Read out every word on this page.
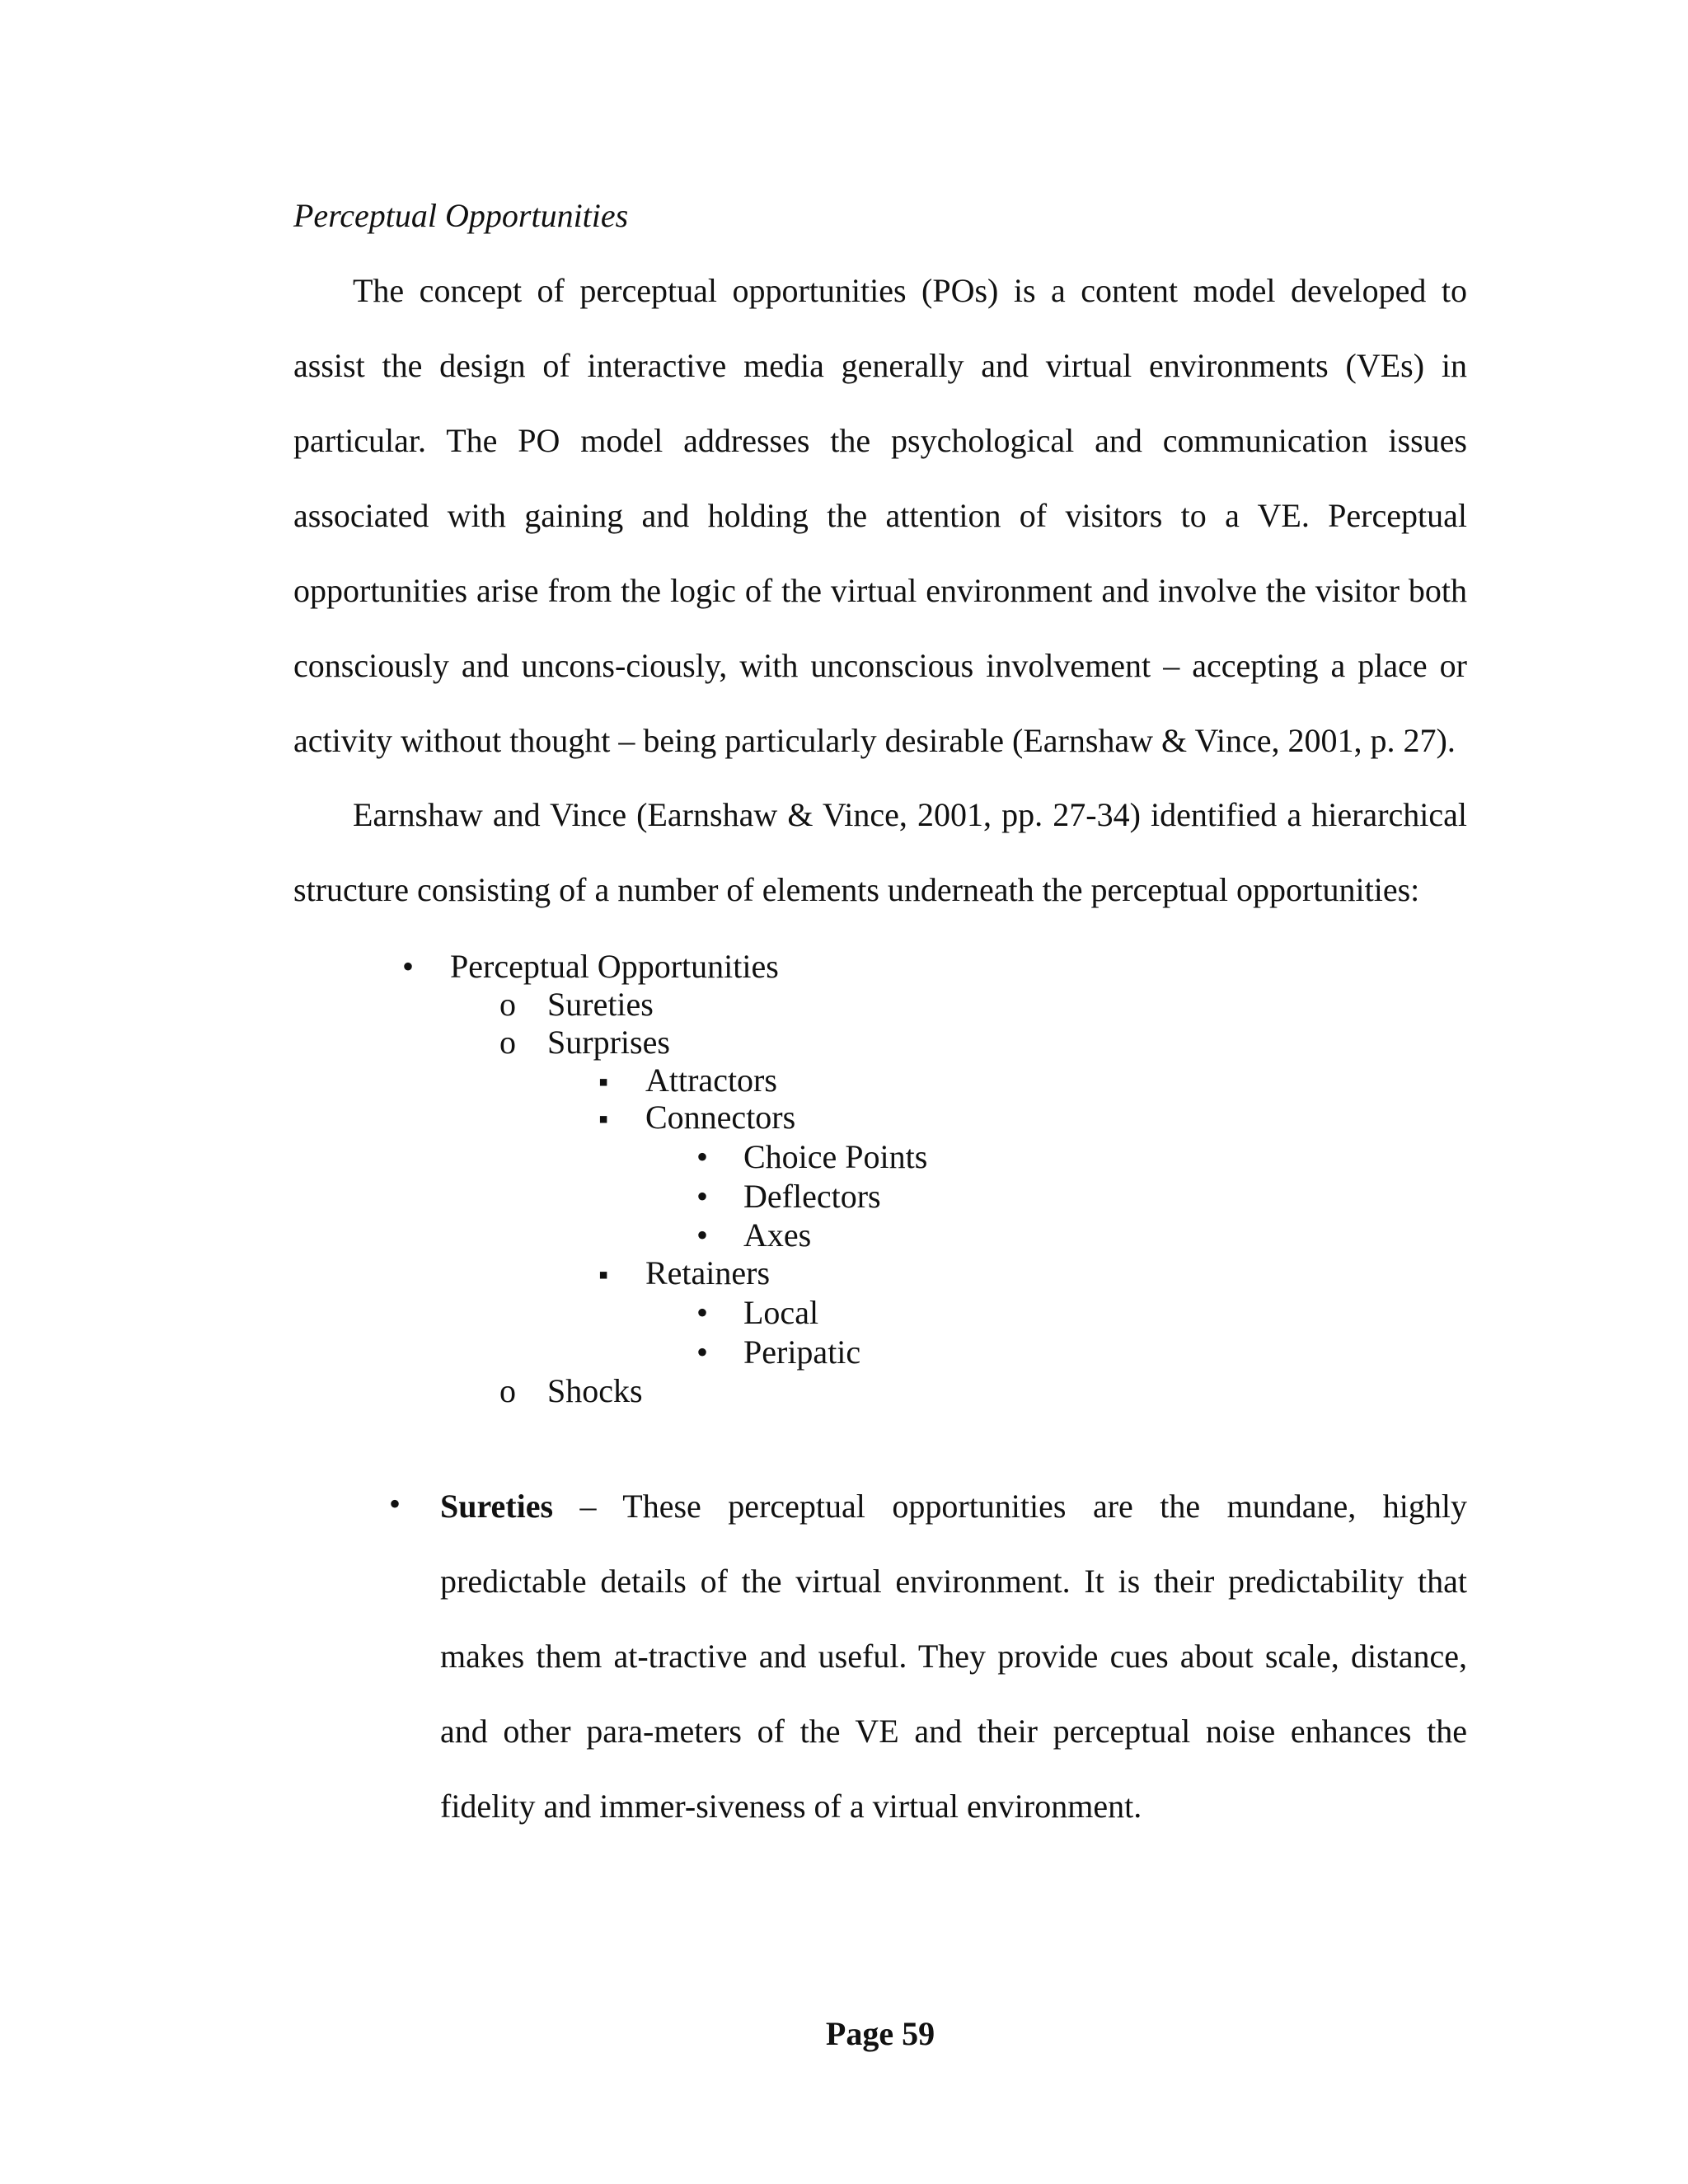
Perceptual Opportunities

The concept of perceptual opportunities (POs) is a content model developed to assist the design of interactive media generally and virtual environments (VEs) in particular. The PO model addresses the psychological and communication issues associated with gaining and holding the attention of visitors to a VE. Perceptual opportunities arise from the logic of the virtual environment and involve the visitor both consciously and uncons-ciously, with unconscious involvement – accepting a place or activity without thought – being particularly desirable (Earnshaw & Vince, 2001, p. 27).

Earnshaw and Vince (Earnshaw & Vince, 2001, pp. 27-34) identified a hierarchical structure consisting of a number of elements underneath the perceptual opportunities:

•
Perceptual Opportunities
o
Sureties
o
Surprises
▪
Attractors
▪
Connectors
•
Choice Points
•
Deflectors
•
Axes
▪
Retainers
•
Local
•
Peripatic
o
Shocks
• Sureties – These perceptual opportunities are the mundane, highly predictable details of the virtual environment. It is their predictability that makes them at-tractive and useful. They provide cues about scale, distance, and other para-meters of the VE and their perceptual noise enhances the fidelity and immer-siveness of a virtual environment.

Page 59
